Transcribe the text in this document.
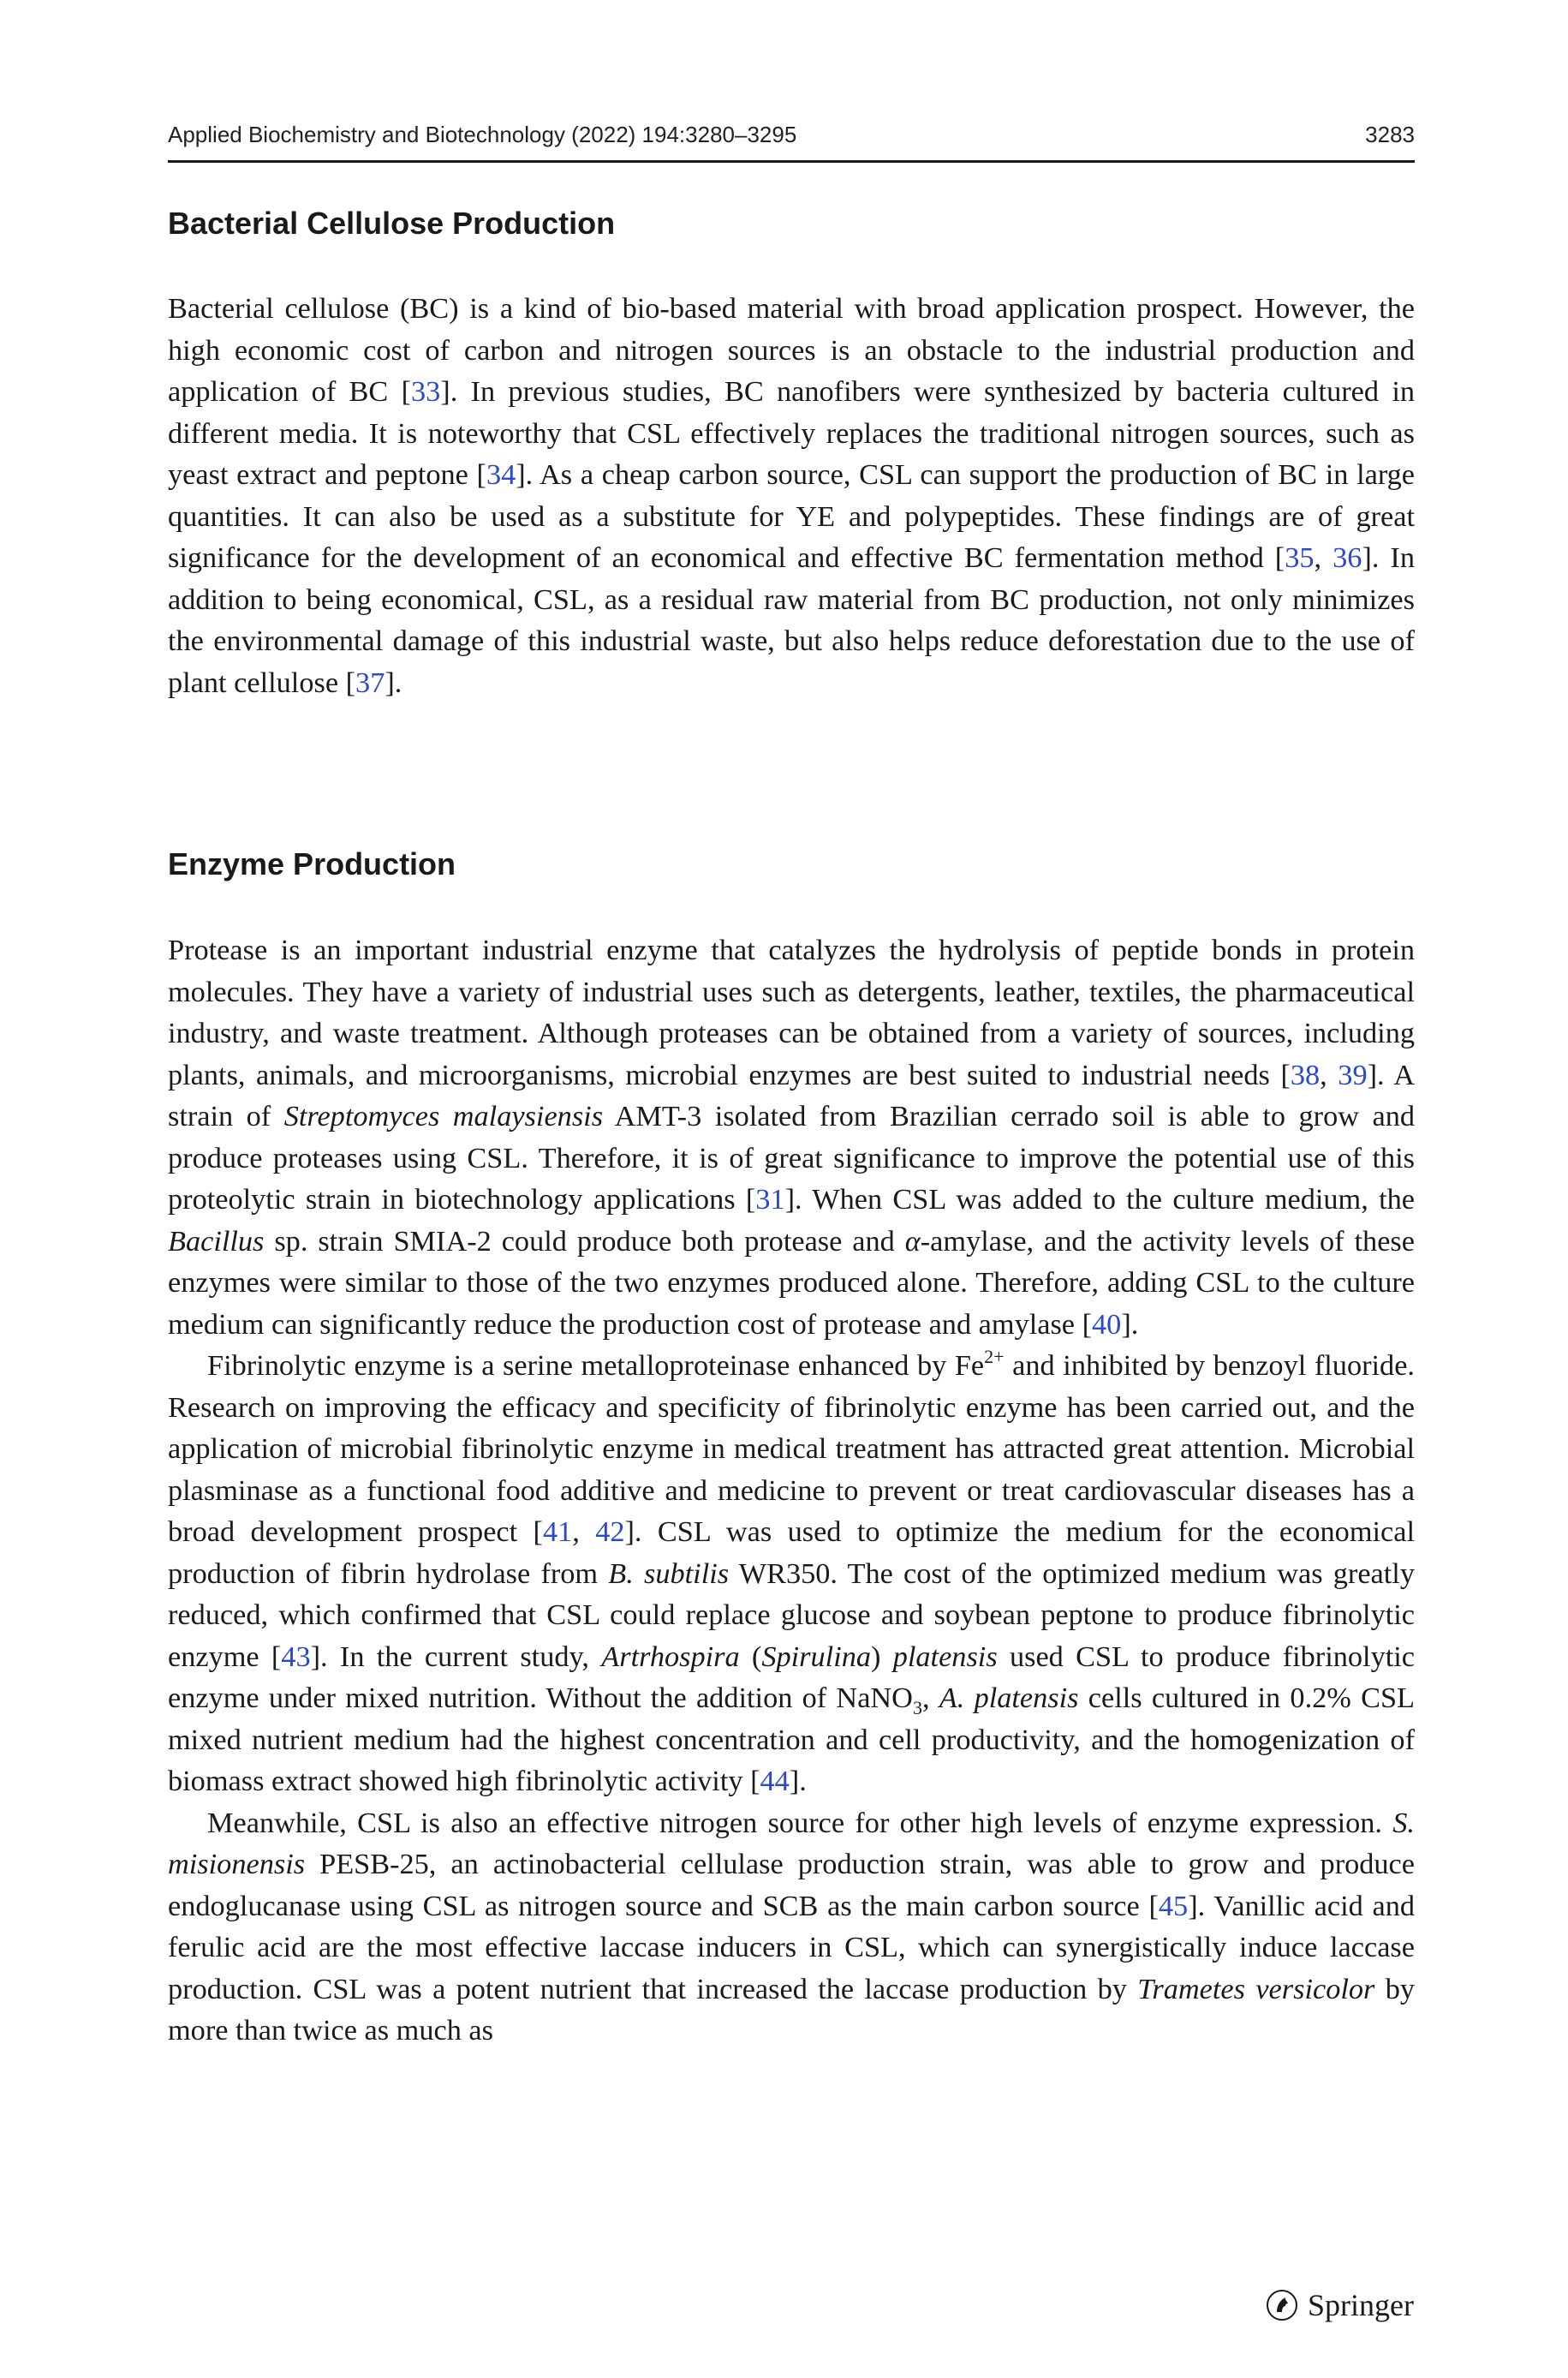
Applied Biochemistry and Biotechnology (2022) 194:3280–3295	3283
Bacterial Cellulose Production

Bacterial cellulose (BC) is a kind of bio-based material with broad application prospect. However, the high economic cost of carbon and nitrogen sources is an obstacle to the industrial production and application of BC [33]. In previous studies, BC nanofibers were synthesized by bacteria cultured in different media. It is noteworthy that CSL effectively replaces the traditional nitrogen sources, such as yeast extract and peptone [34]. As a cheap carbon source, CSL can support the production of BC in large quantities. It can also be used as a substitute for YE and polypeptides. These findings are of great significance for the development of an economical and effective BC fermentation method [35, 36]. In addition to being economical, CSL, as a residual raw material from BC production, not only minimizes the environmental damage of this industrial waste, but also helps reduce deforestation due to the use of plant cellulose [37].

Enzyme Production

Protease is an important industrial enzyme that catalyzes the hydrolysis of peptide bonds in protein molecules. They have a variety of industrial uses such as detergents, leather, textiles, the pharmaceutical industry, and waste treatment. Although proteases can be obtained from a variety of sources, including plants, animals, and microorganisms, microbial enzymes are best suited to industrial needs [38, 39]. A strain of Streptomyces malaysiensis AMT-3 isolated from Brazilian cerrado soil is able to grow and produce proteases using CSL. Therefore, it is of great significance to improve the potential use of this proteolytic strain in biotechnology applications [31]. When CSL was added to the culture medium, the Bacillus sp. strain SMIA-2 could produce both protease and α-amylase, and the activity levels of these enzymes were similar to those of the two enzymes produced alone. Therefore, adding CSL to the culture medium can significantly reduce the production cost of protease and amylase [40].

Fibrinolytic enzyme is a serine metalloproteinase enhanced by $Fe^{2+}$ and inhibited by benzoyl fluoride. Research on improving the efficacy and specificity of fibrinolytic enzyme has been carried out, and the application of microbial fibrinolytic enzyme in medical treatment has attracted great attention. Microbial plasminase as a functional food additive and medicine to prevent or treat cardiovascular diseases has a broad development prospect [41, 42]. CSL was used to optimize the medium for the economical production of fibrin hydrolase from B. subtilis WR350. The cost of the optimized medium was greatly reduced, which confirmed that CSL could replace glucose and soybean peptone to produce fibrinolytic enzyme [43]. In the current study, Artrhospira (Spirulina) platensis used CSL to produce fibrinolytic enzyme under mixed nutrition. Without the addition of NaNO$_3$, A. platensis cells cultured in 0.2% CSL mixed nutrient medium had the highest concentration and cell productivity, and the homogenization of biomass extract showed high fibrinolytic activity [44].

Meanwhile, CSL is also an effective nitrogen source for other high levels of enzyme expression. S. misionensis PESB-25, an actinobacterial cellulase production strain, was able to grow and produce endoglucanase using CSL as nitrogen source and SCB as the main carbon source [45]. Vanillic acid and ferulic acid are the most effective laccase inducers in CSL, which can synergistically induce laccase production. CSL was a potent nutrient that increased the laccase production by Trametes versicolor by more than twice as much as

Springer
